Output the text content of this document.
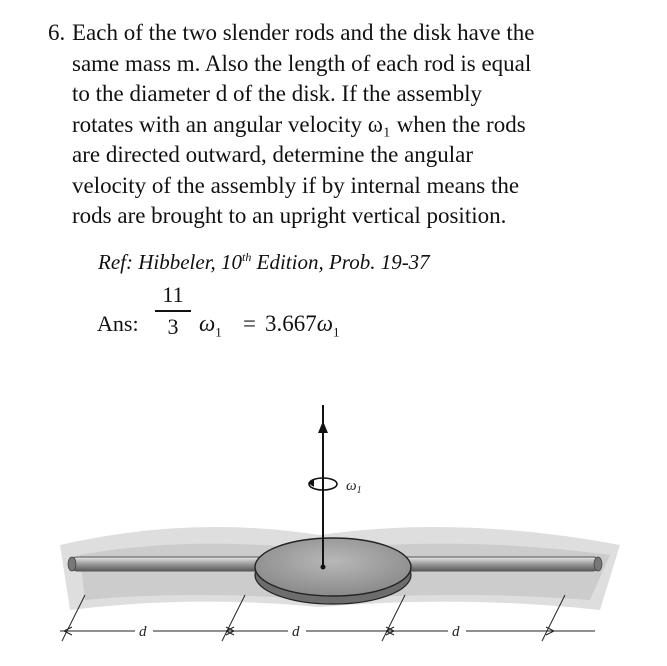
6. Each of the two slender rods and the disk have the
same mass m. Also the length of each rod is equal
to the diameter d of the disk. If the assembly
rotates with an angular velocity ω₁ when the rods
are directed outward, determine the angular
velocity of the assembly if by internal means the
rods are brought to an upright vertical position.
Ref: Hibbeler, 10th Edition, Prob. 19-37
Ans:
11
3 $\omega_1 = 3.667\omega_1$
$\omega_1$
d	d	d
